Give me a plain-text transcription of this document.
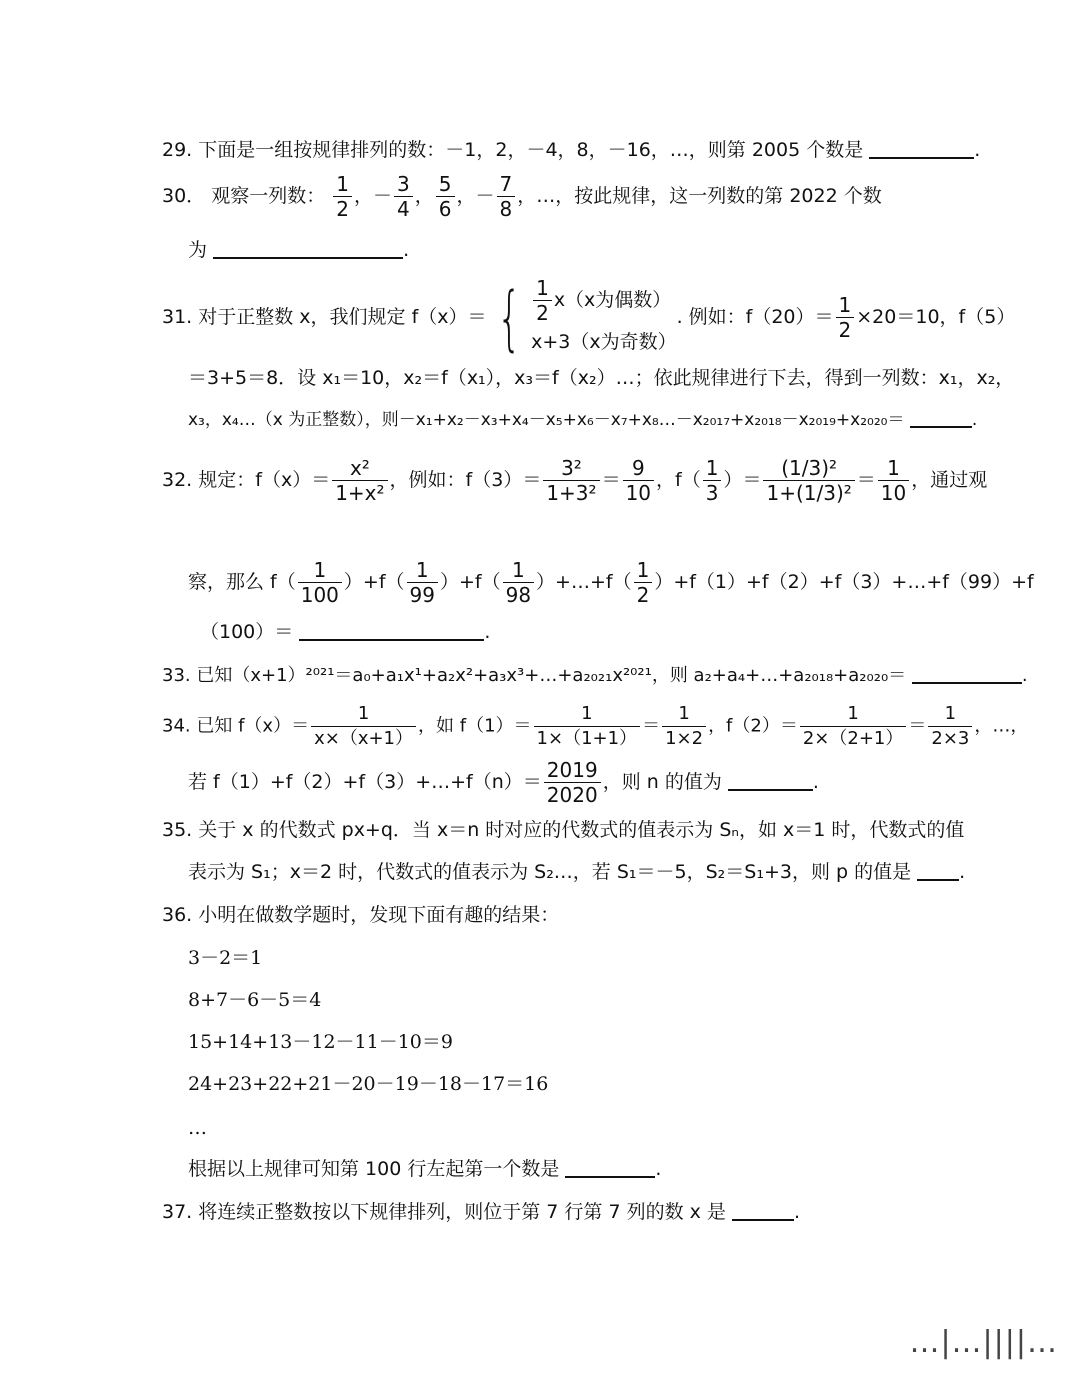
29. 下面是一组按规律排列的数：－1，2，－4，8，－16，…，则第 2005 个数是	.
30． 观察一列数： $\frac{1}{2}$ ，－ $\frac{3}{4}$ ， $\frac{5}{6}$ ，－ $\frac{7}{8}$ ，…，按此规律，这一列数的第 2022 个数
为	.
31. 对于正整数 x，我们规定 f（x）＝ { $\frac{1}{2} x(x$为偶数）
x+3（x为奇数）
. 例如：$f(20)= \frac{1}{2} \times 20=10$，f（5）
＝3+5＝8．设 x₁＝10，x₂＝f（x₁），x₃＝f（x₂）…；依此规律进行下去，得到一列数：x₁，x₂，
x₃，x₄…（x 为正整数），则－x₁+x₂－x₃+x₄－x₅+x₆－x₇+x₈…－x₂₀₁₇+x₂₀₁₈－x₂₀₁₉+x₂₀₂₀＝	.
32. 规定：$f(x)= \frac{\text{x²}}{\text{1+x²}}$ ，例如：$f(3)= \frac{\text{3²}}{\text{1+3²}} = \frac{9}{10}$ ，$f( \frac{1}{3}$ ）＝ $\frac{\text{(1/3)²}}{\text{1+(1/3)²}} = \frac{1}{10}$ ，通过观
察，那么 $f( \frac{1}{100} )+f( \frac{1}{99} )+f( \frac{1}{98}$ ）+…+f（ $\frac{1}{2}$ ）+f（1）+f（2）+f（3）+…+f（99）+f
（100）＝	.
33. 已知（x+1）²⁰²¹＝a₀+a₁x¹+a₂x²+a₃x³+…+a₂₀₂₁x²⁰²¹，则 a₂+a₄+…+a₂₀₁₈+a₂₀₂₀＝	.
34. 已知 $f(x)= \frac{1}{x\times(x+1)}$ ，如 $f(1)= \frac{1}{1\times(1+1)} = \frac{1}{1\times 2}$ ，$f(2)= \frac{1}{2\times(2+1)} = \frac{1}{2\times 3}$ ，…，
若 f（1）+f（2）+f（3）+…+f（n）＝ $\frac{2019}{2020}$ ，则 n 的值为	.
35. 关于 x 的代数式 px+q．当 x＝n 时对应的代数式的值表示为 Sₙ，如 x＝1 时，代数式的值
表示为 S₁；x＝2 时，代数式的值表示为 S₂…，若 S₁＝－5，S₂＝S₁+3，则 p 的值是	.
36. 小明在做数学题时，发现下面有趣的结果：
3－2＝1
8+7－6－5＝4
15+14+13－12－11－10＝9
24+23+22+21－20－19－18－17＝16
…
根据以上规律可知第 100 行左起第一个数是	.
37. 将连续正整数按以下规律排列，则位于第 7 行第 7 列的数 x 是	.
…|…||||…
